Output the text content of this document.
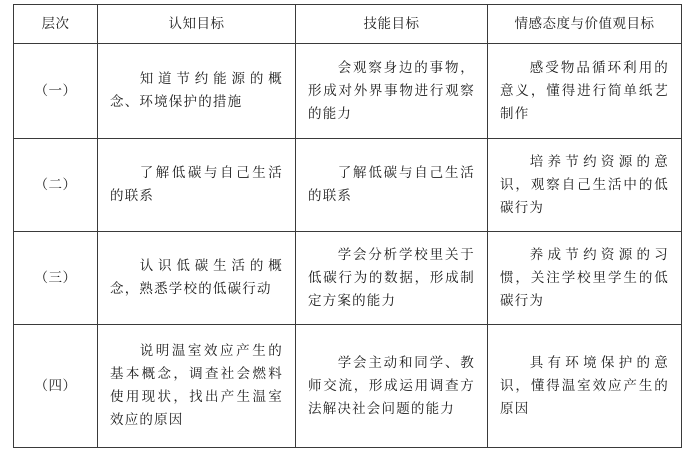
层次	认知目标	技能目标	情感态度与价值观目标
（一）	知道节约能源的概念、环境保护的措施	会观察身边的事物，形成对外界事物进行观察的能力	感受物品循环利用的意义，懂得进行简单纸艺制作

（二）	了解低碳与自己生活的联系	了解低碳与自己生活的联系	培养节约资源的意识，观察自己生活中的低碳行为

（三）	认识低碳生活的概念，熟悉学校的低碳行动	学会分析学校里关于低碳行为的数据，形成制定方案的能力	养成节约资源的习惯，关注学校里学生的低碳行为

（四）	说明温室效应产生的基本概念，调查社会燃料使用现状，找出产生温室效应的原因	学会主动和同学、教师交流，形成运用调查方法解决社会问题的能力	具有环境保护的意识，懂得温室效应产生的原因
